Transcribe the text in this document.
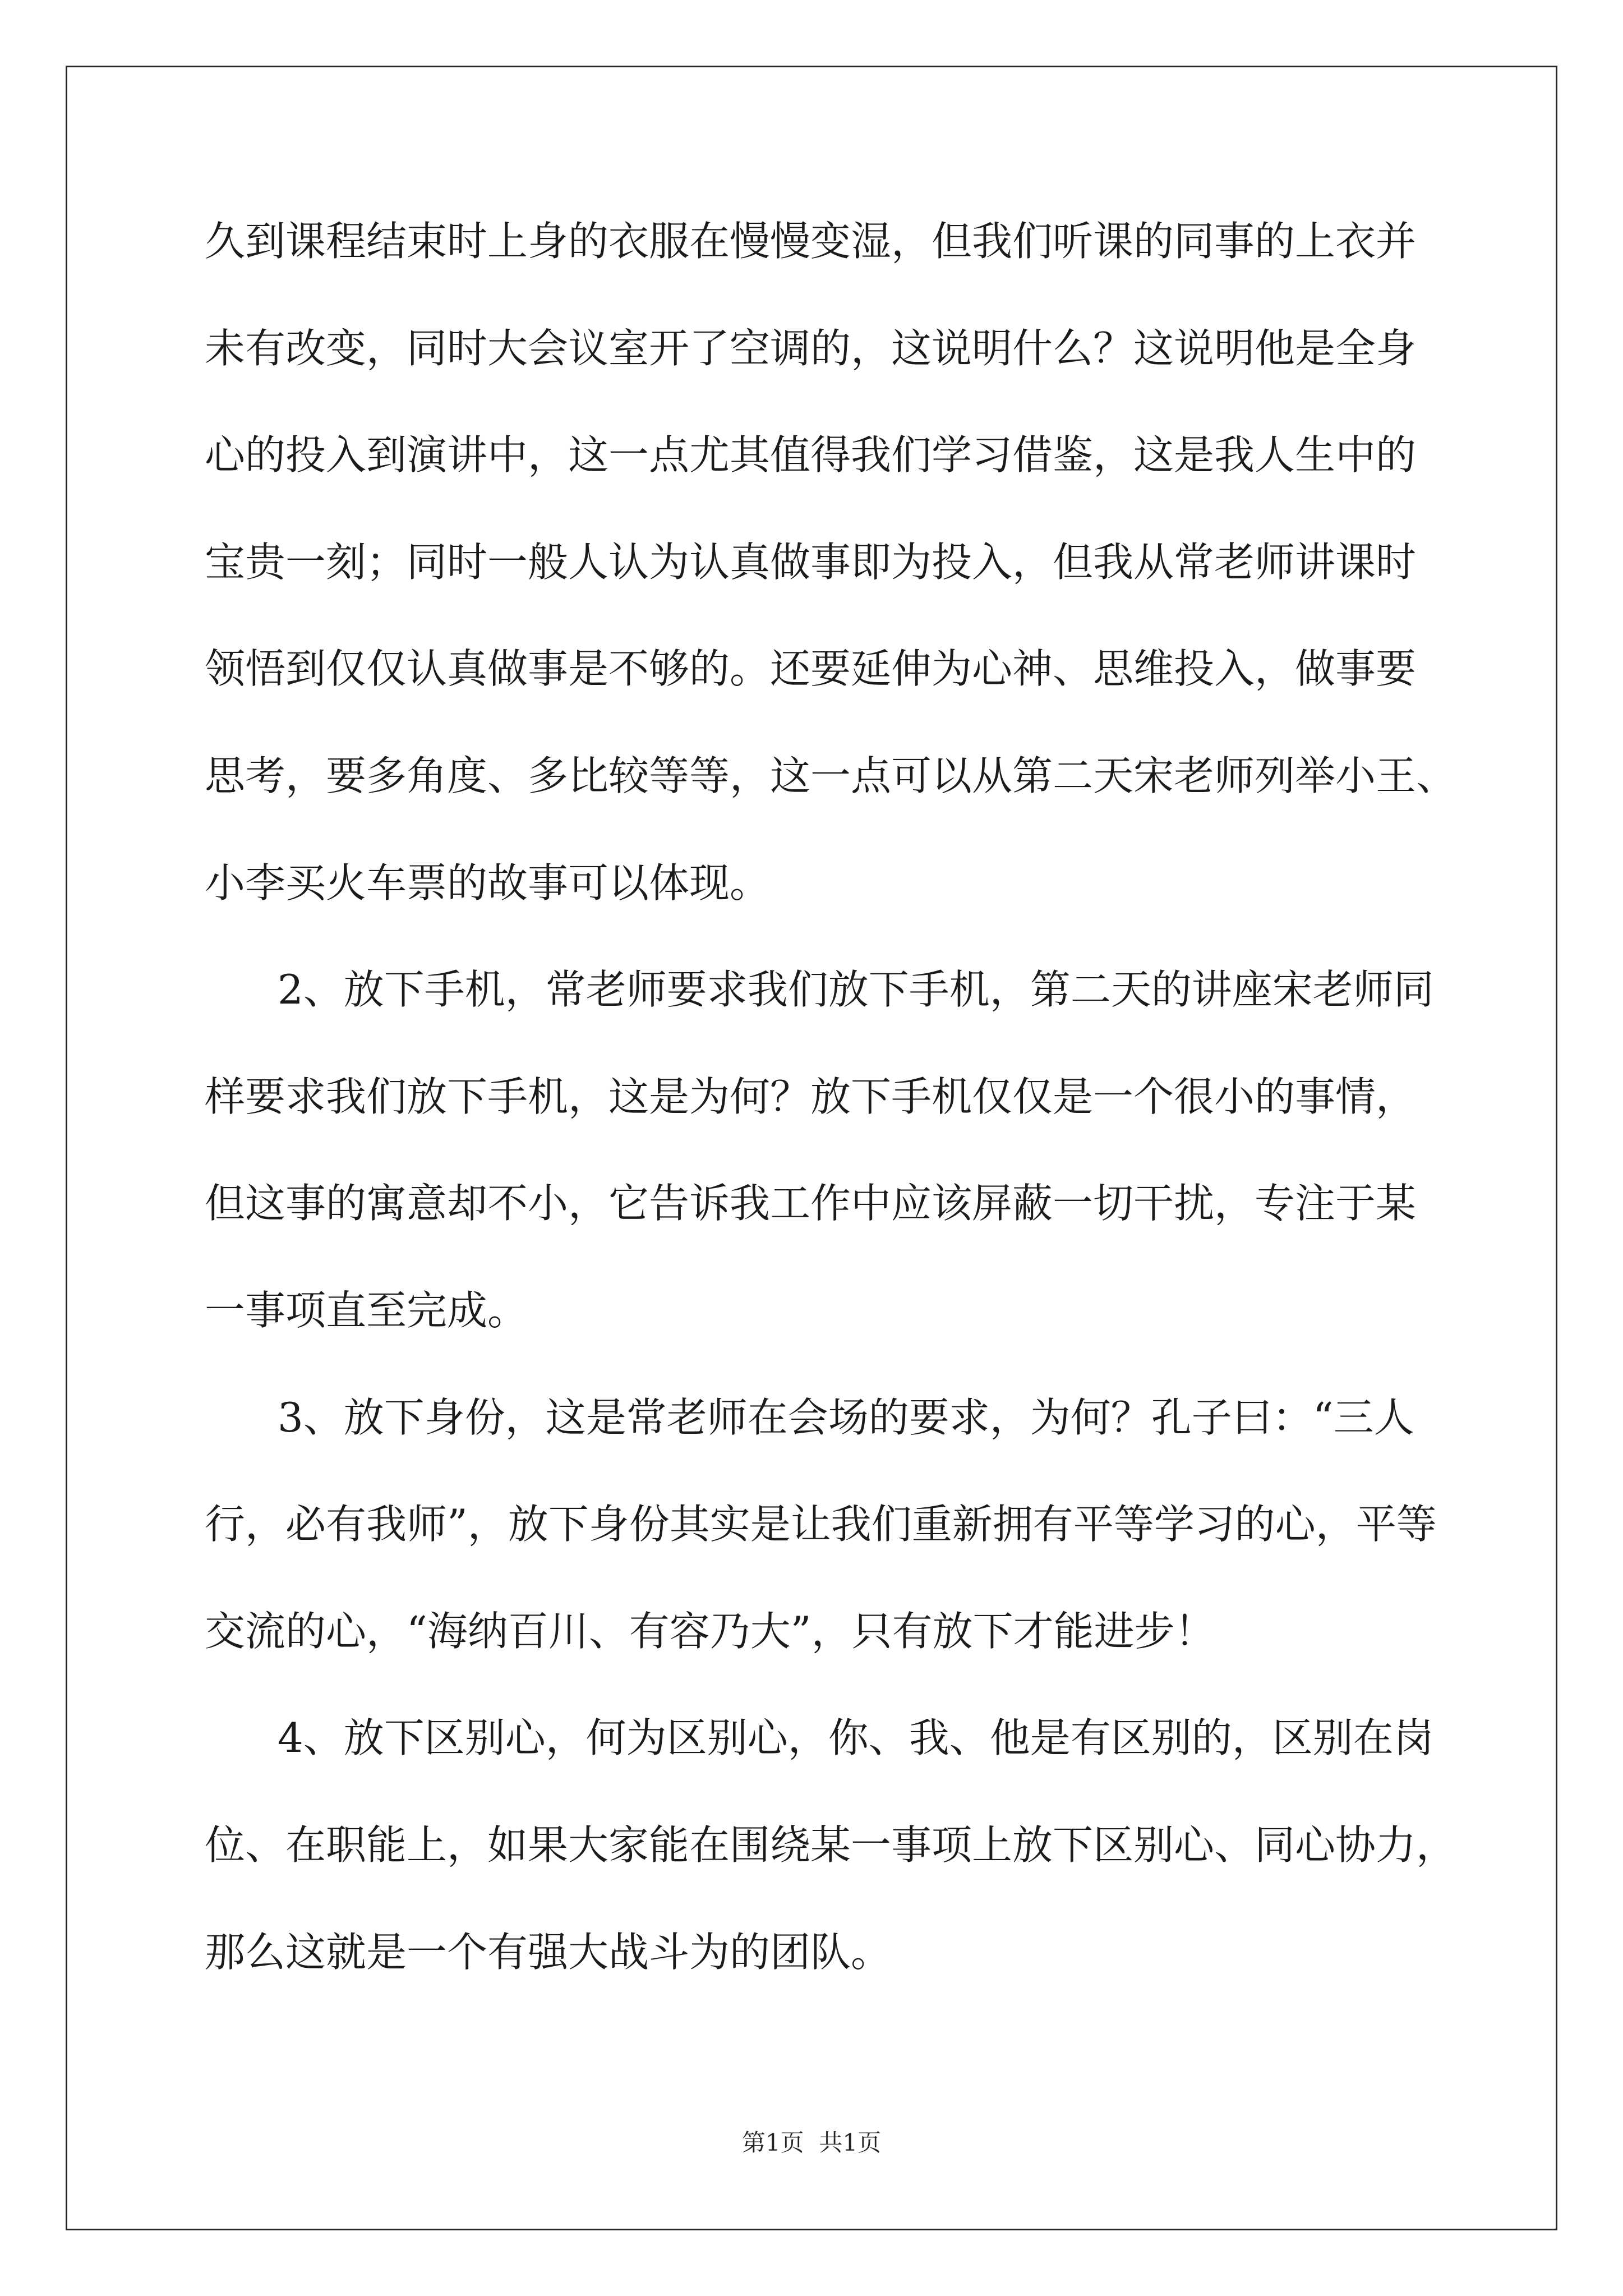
久到课程结束时上身的衣服在慢慢变湿，但我们听课的同事的上衣并
未有改变，同时大会议室开了空调的，这说明什么？这说明他是全身
心的投入到演讲中，这一点尤其值得我们学习借鉴，这是我人生中的
宝贵一刻；同时一般人认为认真做事即为投入，但我从常老师讲课时
领悟到仅仅认真做事是不够的。还要延伸为心神、思维投入，做事要
思考，要多角度、多比较等等，这一点可以从第二天宋老师列举小王、
小李买火车票的故事可以体现。
2、放下手机，常老师要求我们放下手机，第二天的讲座宋老师同
样要求我们放下手机，这是为何？放下手机仅仅是一个很小的事情，
但这事的寓意却不小，它告诉我工作中应该屏蔽一切干扰，专注于某
一事项直至完成。
3、放下身份，这是常老师在会场的要求，为何？孔子曰：“三人
行，必有我师”，放下身份其实是让我们重新拥有平等学习的心，平等
交流的心，“海纳百川、有容乃大”，只有放下才能进步！
4、放下区别心，何为区别心，你、我、他是有区别的，区别在岗
位、在职能上，如果大家能在围绕某一事项上放下区别心、同心协力，
那么这就是一个有强大战斗为的团队。
第1页  共1页
